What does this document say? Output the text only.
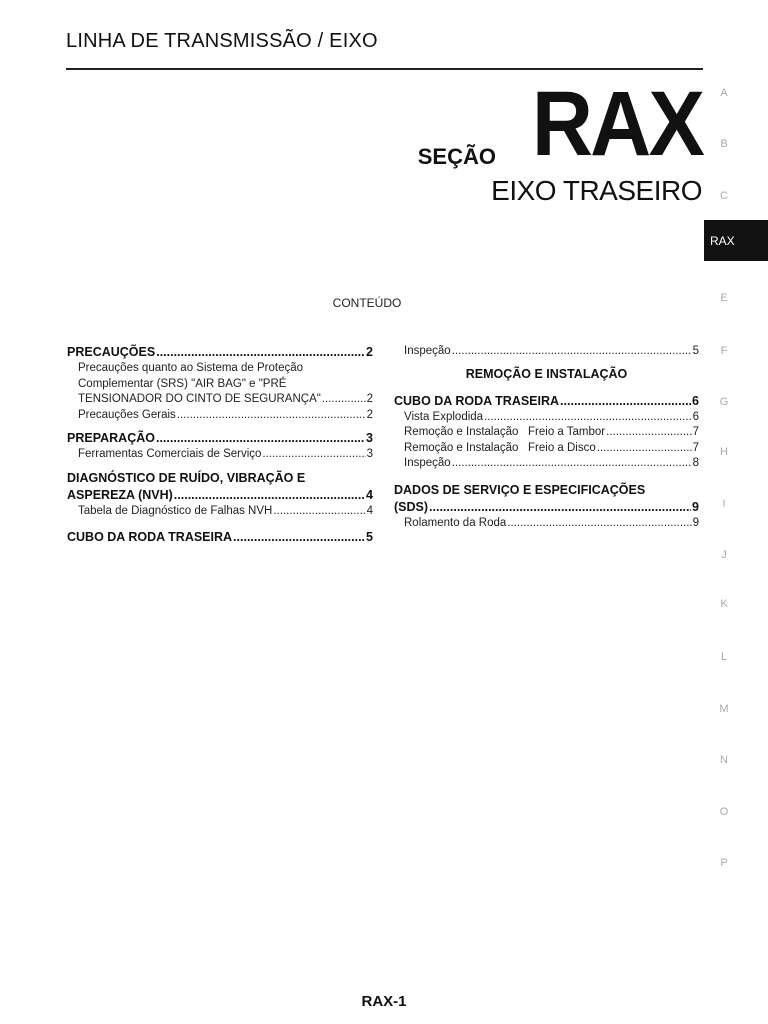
LINHA DE TRANSMISSÃO / EIXO
SEÇÃO RAX
EIXO TRASEIRO
CONTEÚDO
PRECAUÇÕES .....	2
Precauções quanto ao Sistema de Proteção
Complementar (SRS) "AIR BAG" e "PRÉ
TENSIONADOR DO CINTO DE SEGURANÇA" .....	2
Precauções Gerais .....	2
PREPARAÇÃO .....	3
Ferramentas Comerciais de Serviço .....	3
DIAGNÓSTICO DE RUÍDO, VIBRAÇÃO E
ASPEREZA (NVH) .....	4
Tabela de Diagnóstico de Falhas NVH .....	4
CUBO DA RODA TRASEIRA .....	5
Inspeção .....	5
REMOÇÃO E INSTALAÇÃO
CUBO DA RODA TRASEIRA .....	6
Vista Explodida .....	6
Remoção e Instalação   Freio a Tambor .....	7
Remoção e Instalação   Freio a Disco .....	7
Inspeção .....	8
DADOS DE SERVIÇO E ESPECIFICAÇÕES
(SDS) .....	9
Rolamento da Roda .....	9
A
B
C
RAX
E
F
G
H
I
J
K
L
M
N
O
P
RAX-1
